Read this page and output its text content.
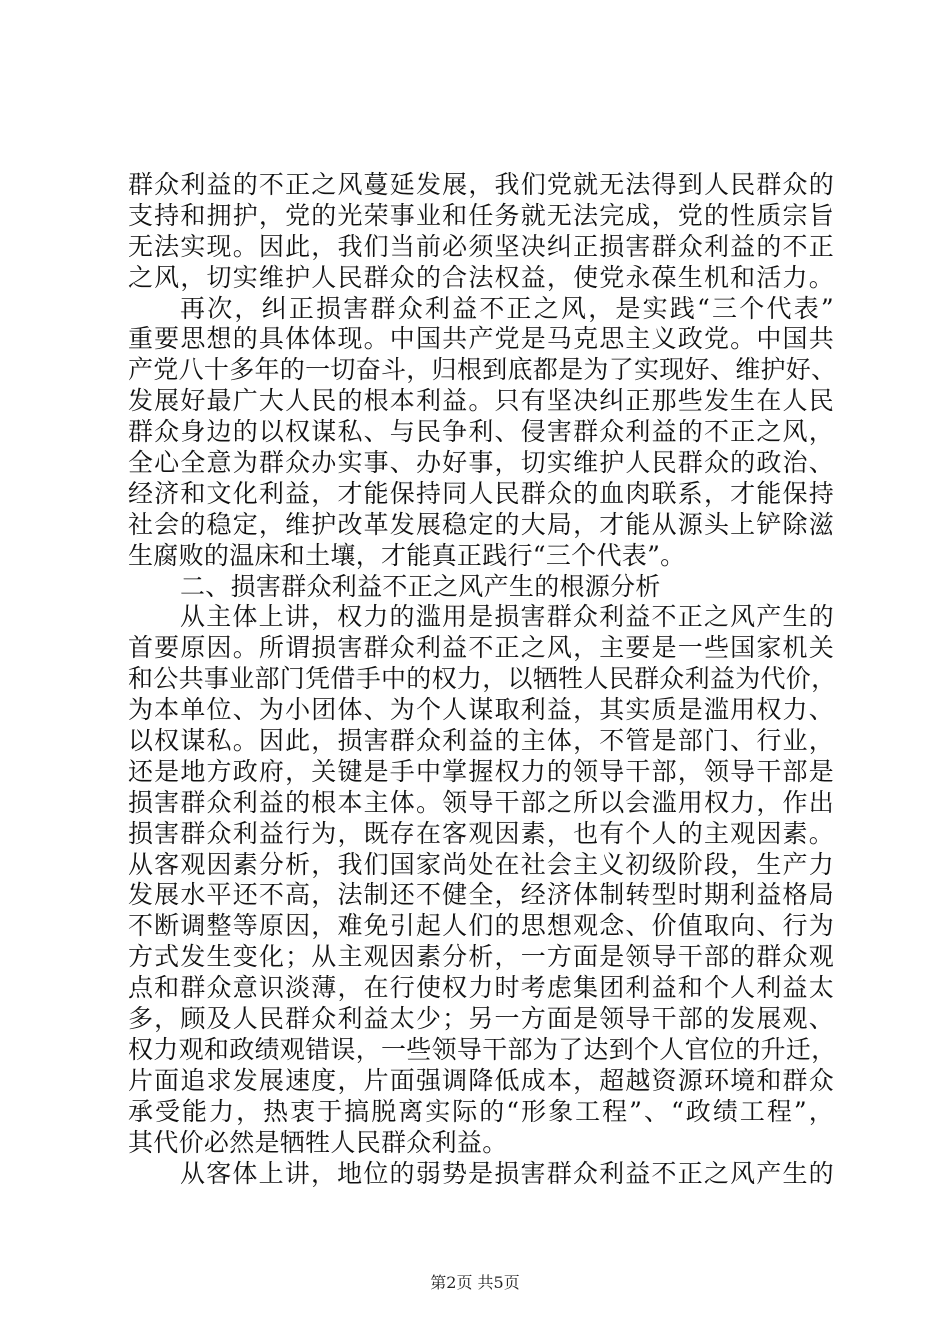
群众利益的不正之风蔓延发展，我们党就无法得到人民群众的
支持和拥护，党的光荣事业和任务就无法完成，党的性质宗旨
无法实现。因此，我们当前必须坚决纠正损害群众利益的不正
之风，切实维护人民群众的合法权益，使党永葆生机和活力。
再次，纠正损害群众利益不正之风，是实践“三个代表”
重要思想的具体体现。中国共产党是马克思主义政党。中国共
产党八十多年的一切奋斗，归根到底都是为了实现好、维护好、
发展好最广大人民的根本利益。只有坚决纠正那些发生在人民
群众身边的以权谋私、与民争利、侵害群众利益的不正之风，
全心全意为群众办实事、办好事，切实维护人民群众的政治、
经济和文化利益，才能保持同人民群众的血肉联系，才能保持
社会的稳定，维护改革发展稳定的大局，才能从源头上铲除滋
生腐败的温床和土壤，才能真正践行“三个代表”。
二、损害群众利益不正之风产生的根源分析
从主体上讲，权力的滥用是损害群众利益不正之风产生的
首要原因。所谓损害群众利益不正之风，主要是一些国家机关
和公共事业部门凭借手中的权力，以牺牲人民群众利益为代价，
为本单位、为小团体、为个人谋取利益，其实质是滥用权力、
以权谋私。因此，损害群众利益的主体，不管是部门、行业，
还是地方政府，关键是手中掌握权力的领导干部，领导干部是
损害群众利益的根本主体。领导干部之所以会滥用权力，作出
损害群众利益行为，既存在客观因素，也有个人的主观因素。
从客观因素分析，我们国家尚处在社会主义初级阶段，生产力
发展水平还不高，法制还不健全，经济体制转型时期利益格局
不断调整等原因，难免引起人们的思想观念、价值取向、行为
方式发生变化；从主观因素分析，一方面是领导干部的群众观
点和群众意识淡薄，在行使权力时考虑集团利益和个人利益太
多，顾及人民群众利益太少；另一方面是领导干部的发展观、
权力观和政绩观错误，一些领导干部为了达到个人官位的升迁，
片面追求发展速度，片面强调降低成本，超越资源环境和群众
承受能力，热衷于搞脱离实际的“形象工程”、“政绩工程”，
其代价必然是牺牲人民群众利益。
从客体上讲，地位的弱势是损害群众利益不正之风产生的
第2页 共5页
